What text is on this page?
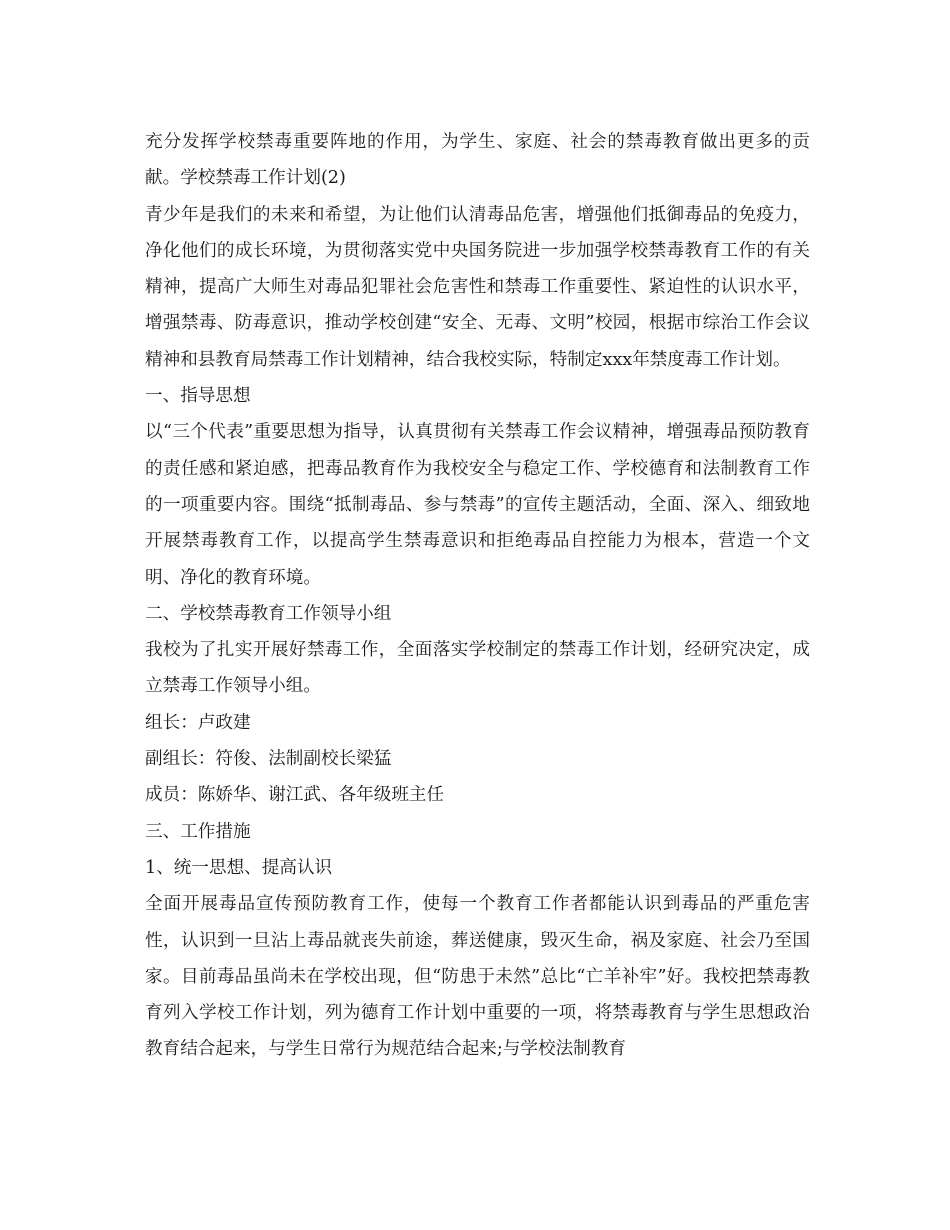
充分发挥学校禁毒重要阵地的作用，为学生、家庭、社会的禁毒教育做出更多的贡献。学校禁毒工作计划(2)

青少年是我们的未来和希望，为让他们认清毒品危害，增强他们抵御毒品的免疫力，净化他们的成长环境，为贯彻落实党中央国务院进一步加强学校禁毒教育工作的有关精神，提高广大师生对毒品犯罪社会危害性和禁毒工作重要性、紧迫性的认识水平，增强禁毒、防毒意识，推动学校创建“安全、无毒、文明”校园，根据市综治工作会议精神和县教育局禁毒工作计划精神，结合我校实际，特制定xxx年禁度毒工作计划。

一、指导思想

以“三个代表”重要思想为指导，认真贯彻有关禁毒工作会议精神，增强毒品预防教育的责任感和紧迫感，把毒品教育作为我校安全与稳定工作、学校德育和法制教育工作的一项重要内容。围绕“抵制毒品、参与禁毒”的宣传主题活动，全面、深入、细致地开展禁毒教育工作，以提高学生禁毒意识和拒绝毒品自控能力为根本，营造一个文明、净化的教育环境。

二、学校禁毒教育工作领导小组

我校为了扎实开展好禁毒工作，全面落实学校制定的禁毒工作计划，经研究决定，成立禁毒工作领导小组。

组长：卢政建

副组长：符俊、法制副校长梁猛

成员：陈娇华、谢江武、各年级班主任

三、工作措施

1、统一思想、提高认识

全面开展毒品宣传预防教育工作，使每一个教育工作者都能认识到毒品的严重危害性，认识到一旦沾上毒品就丧失前途，葬送健康，毁灭生命，祸及家庭、社会乃至国家。目前毒品虽尚未在学校出现，但“防患于未然”总比“亡羊补牢”好。我校把禁毒教育列入学校工作计划，列为德育工作计划中重要的一项，将禁毒教育与学生思想政治教育结合起来，与学生日常行为规范结合起来;与学校法制教育
